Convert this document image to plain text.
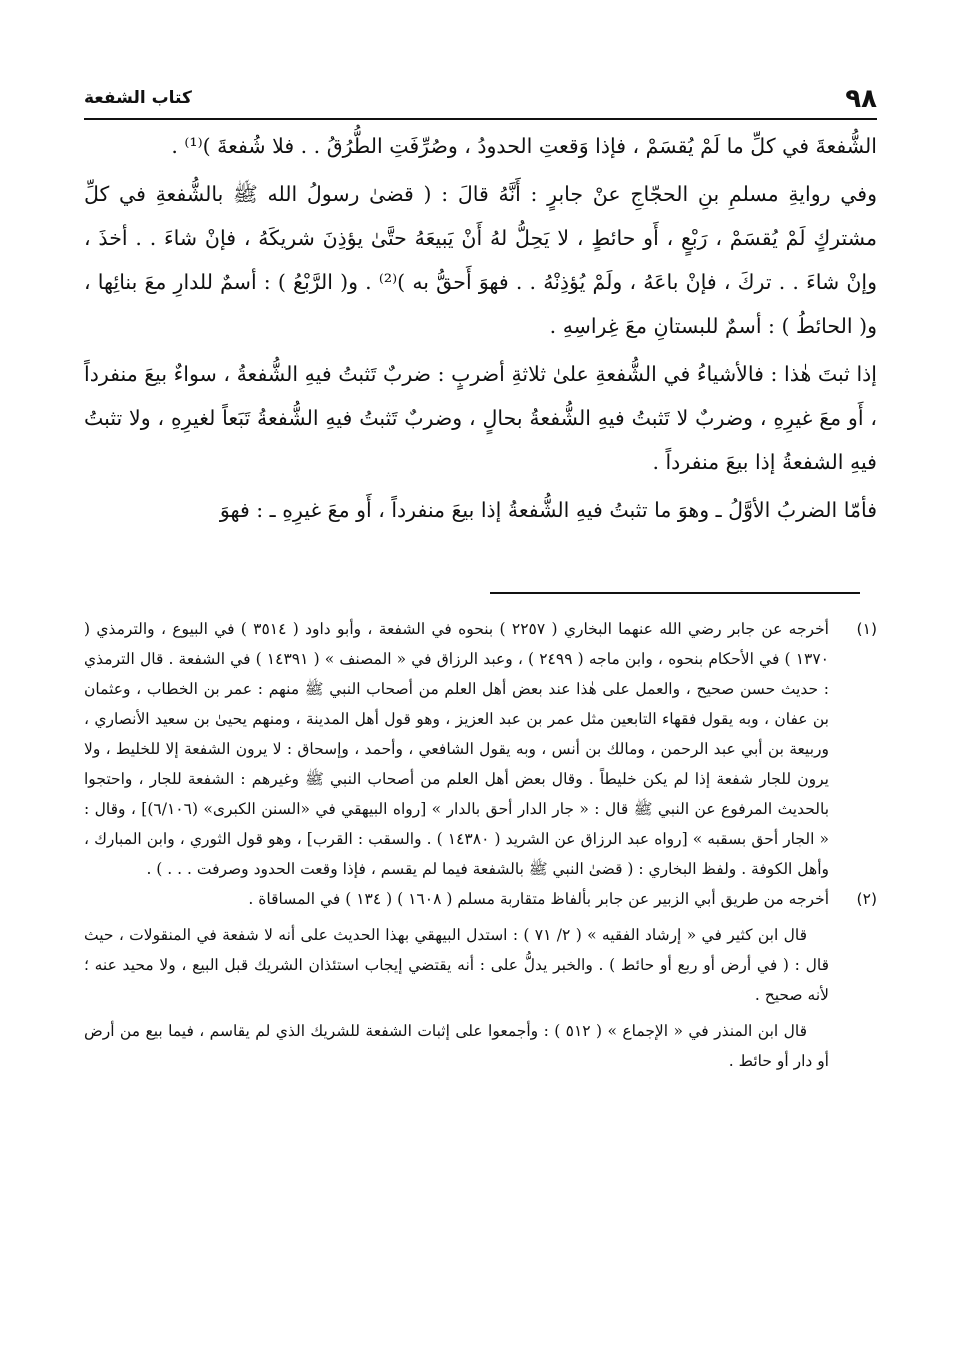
٩٨
كتاب الشفعة

الشُّفعةَ في كلِّ ما لَمْ يُقسَمْ ، فإذا وَقعتِ الحدودُ ، وصُرِّفَتِ الطُّرُقُ . . فلا شُفعةَ )⁽¹⁾ .

وفي روايةِ مسلمِ بنِ الحجّاجِ عنْ جابرٍ : أَنَّهُ قالَ : ( قضىٰ رسولُ الله ﷺ بالشُّفعةِ في كلِّ مشتركٍ لَمْ يُقسَمْ ، رَبْعٍ ، أَو حائطٍ ، لا يَحِلُّ لهُ أَنْ يَبيعَهُ حتَّىٰ يؤذِنَ شريكَهُ ، فإنْ شاءَ . . أخذَ ، وإنْ شاءَ . . تركَ ، فإنْ باعَهُ ، ولَمْ يُؤذِنْهُ . . فهوَ أَحقُّ به )⁽²⁾ . و( الرَّبْعُ ) : أسمٌ للدارِ معَ بنائِها ، و( الحائطُ ) : أسمٌ للبستانِ معَ غِراسِهِ .

إذا ثبتَ هٰذا : فالأشياءُ في الشُّفعةِ علىٰ ثلاثةِ أضربٍ : ضربٌ تَثبتُ فيهِ الشُّفعةُ ، سواءٌ بيعَ منفرداً ، أَو معَ غيرِهِ ، وضربٌ لا تَثبتُ فيهِ الشُّفعةُ بحالٍ ، وضربٌ تَثبتُ فيهِ الشُّفعةُ تَبَعاً لغيرِهِ ، ولا تثبتُ فيهِ الشفعةُ إذا بيعَ منفرداً .

فأمّا الضربُ الأوَّلُ ـ وهوَ ما تثبتُ فيهِ الشُّفعةُ إذا بيعَ منفرداً ، أَو معَ غيرِهِ ـ : فهوَ

(١)
أخرجه عن جابر رضي الله عنهما البخاري ( ٢٢٥٧ ) بنحوه في الشفعة ، وأبو داود ( ٣٥١٤ ) في البيوع ، والترمذي ( ١٣٧٠ ) في الأحكام بنحوه ، وابن ماجه ( ٢٤٩٩ ) ، وعبد الرزاق في « المصنف » ( ١٤٣٩١ ) في الشفعة . قال الترمذي : حديث حسن صحيح ، والعمل على هٰذا عند بعض أهل العلم من أصحاب النبي ﷺ منهم : عمر بن الخطاب ، وعثمان بن عفان ، وبه يقول فقهاء التابعين مثل عمر بن عبد العزيز ، وهو قول أهل المدينة ، ومنهم يحيىٰ بن سعيد الأنصاري ، وربيعة بن أبي عبد الرحمن ، ومالك بن أنس ، وبه يقول الشافعي ، وأحمد ، وإسحاق : لا يرون الشفعة إلا للخليط ، ولا يرون للجار شفعة إذا لم يكن خليطاً . وقال بعض أهل العلم من أصحاب النبي ﷺ وغيرهم : الشفعة للجار ، واحتجوا بالحديث المرفوع عن النبي ﷺ قال : « جار الدار أحق بالدار » [رواه البيهقي في «السنن الكبرى» (٦/١٠٦)] ، وقال : « الجار أحق بسقبه » [رواه عبد الرزاق عن الشريد ( ١٤٣٨٠ ) . والسقب : القرب] ، وهو قول الثوري ، وابن المبارك ، وأهل الكوفة . ولفظ البخاري : ( قضىٰ النبي ﷺ بالشفعة فيما لم يقسم ، فإذا وقعت الحدود وصرفت . . . ) .
(٢)
أخرجه من طريق أبي الزبير عن جابر بألفاظ متقاربة مسلم ( ١٦٠٨ ) ( ١٣٤ ) في المساقاة .

قال ابن كثير في « إرشاد الفقيه » ( ٢/ ٧١ ) : استدل البيهقي بهذا الحديث على أنه لا شفعة في المنقولات ، حيث قال : ( في أرض أو ربع أو حائط ) . والخبر يدلُّ على : أنه يقتضي إيجاب استئذان الشريك قبل البيع ، ولا محيد عنه ؛ لأنه صحيح .

قال ابن المنذر في « الإجماع » ( ٥١٢ ) : وأجمعوا على إثبات الشفعة للشريك الذي لم يقاسم ، فيما بيع من أرض أو دار أو حائط .
